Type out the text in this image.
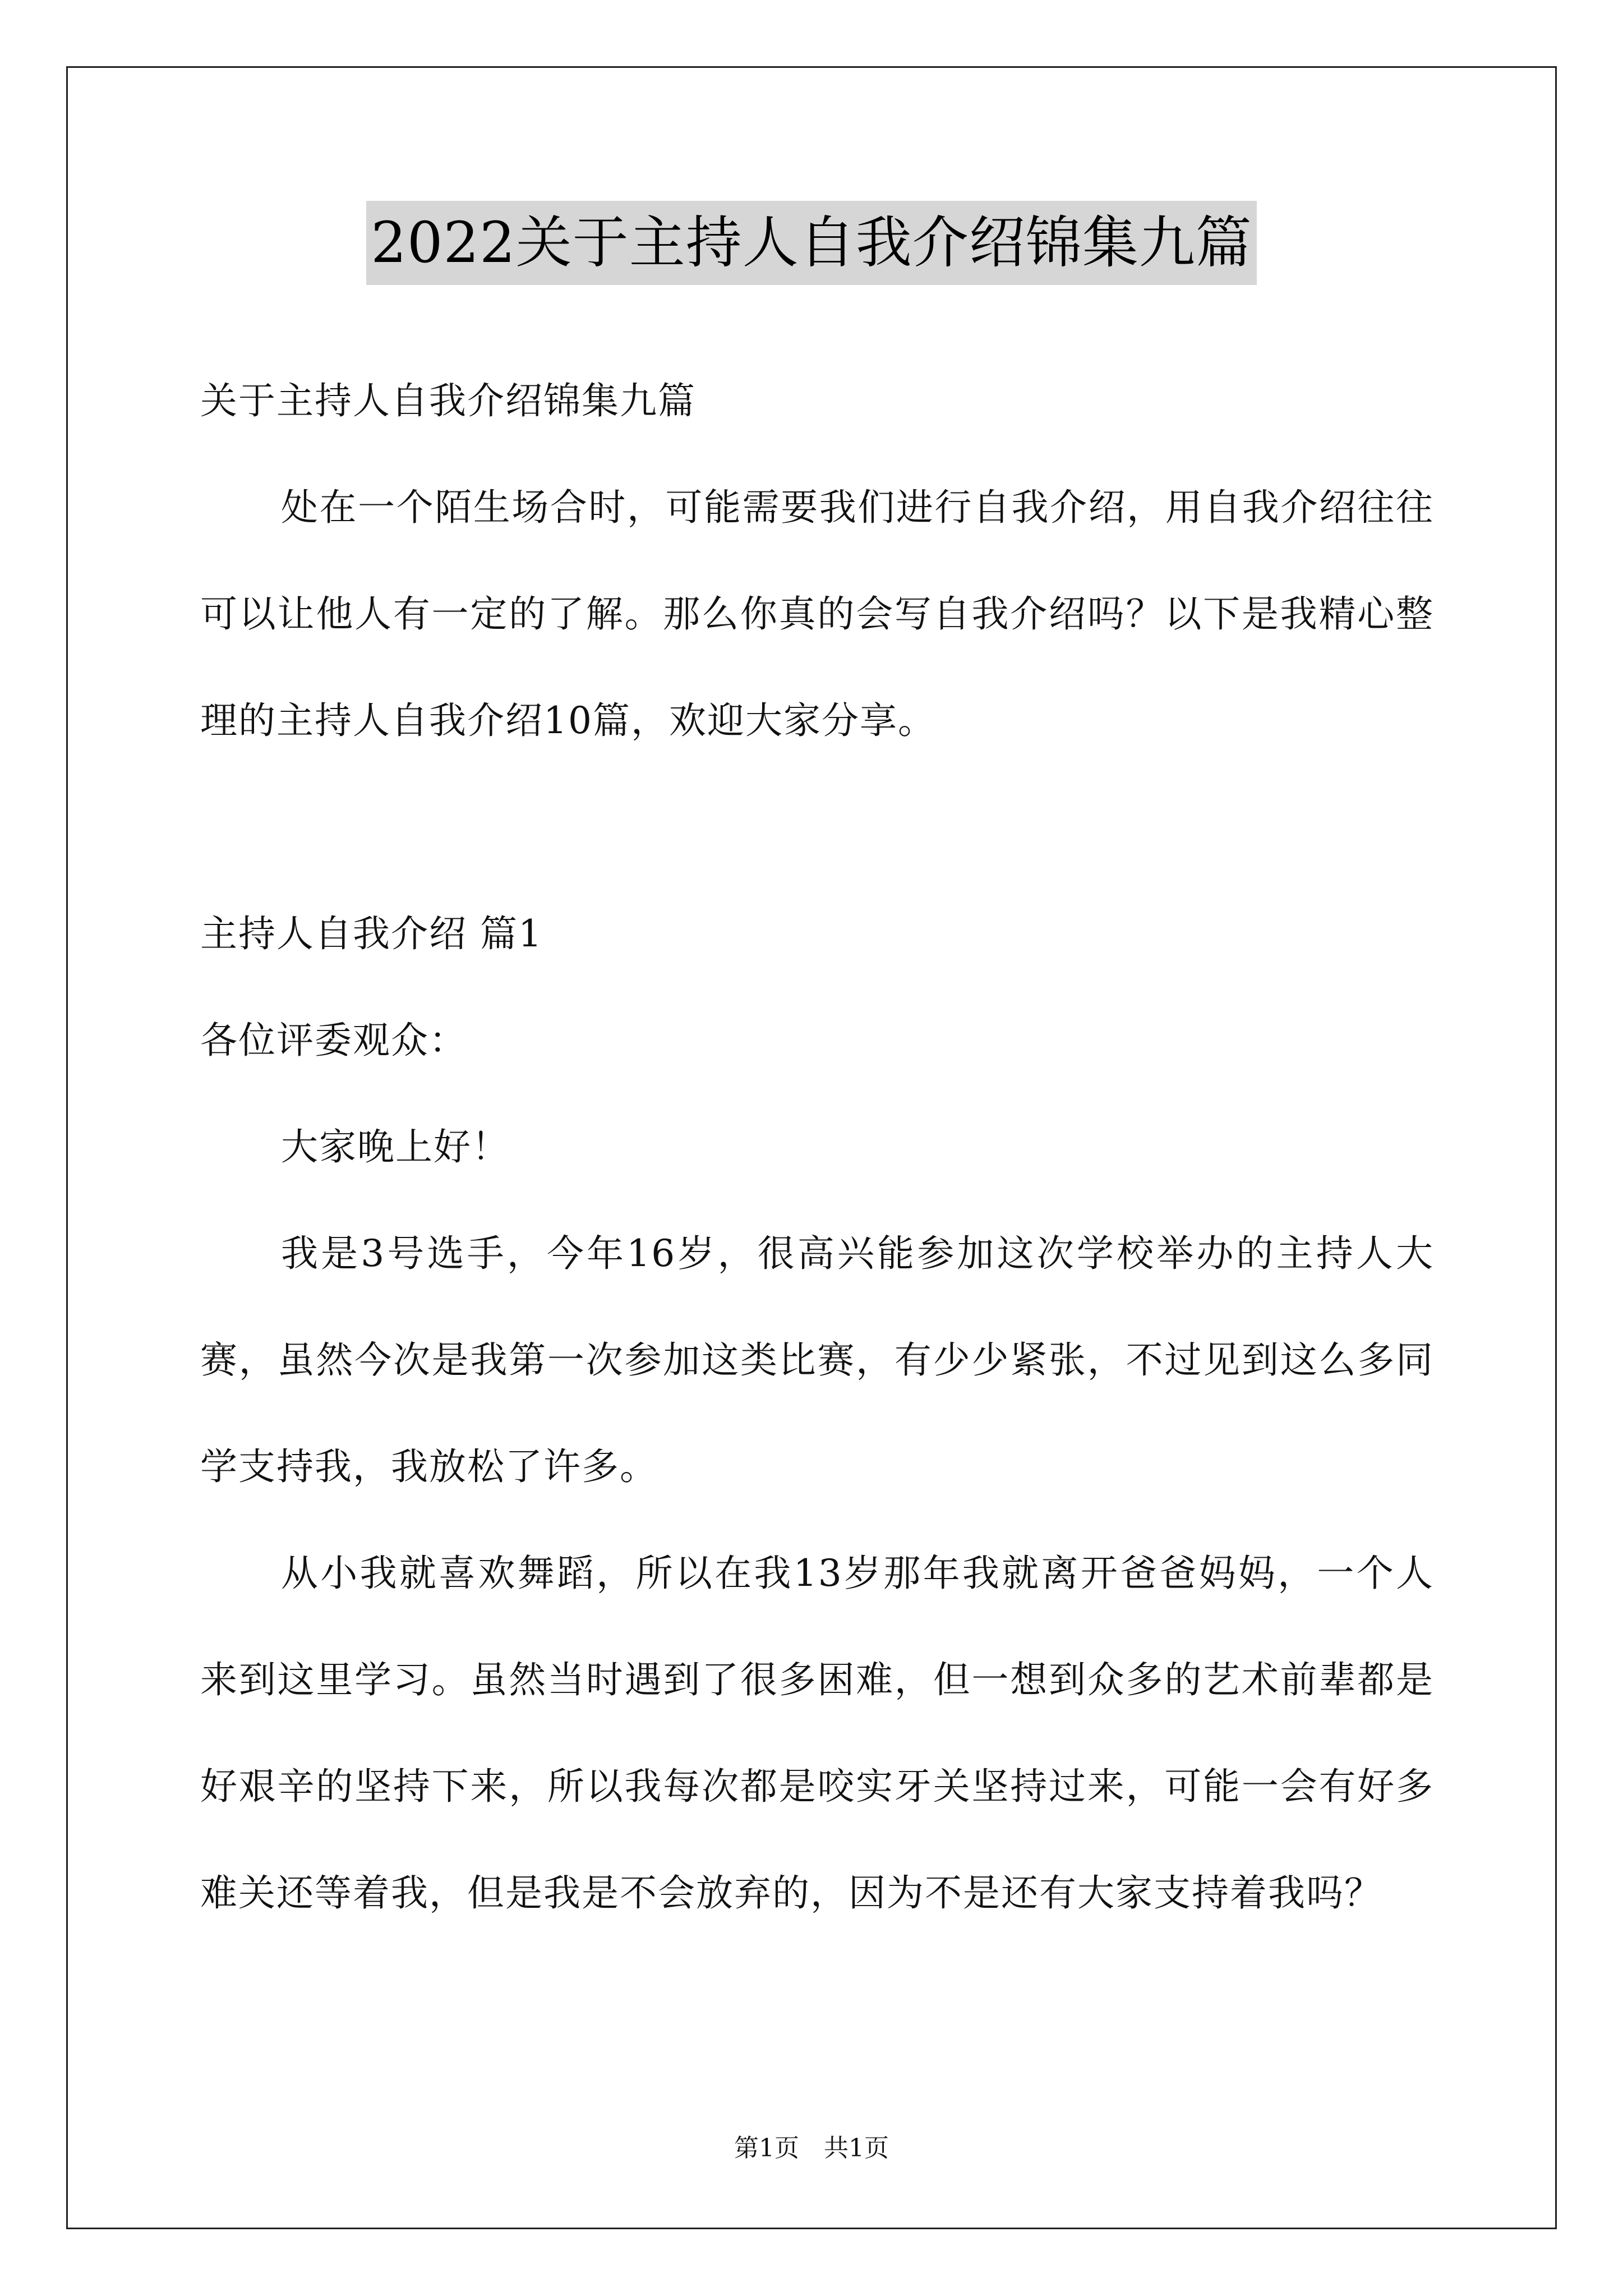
2022关于主持人自我介绍锦集九篇
关于主持人自我介绍锦集九篇
处在一个陌生场合时，可能需要我们进行自我介绍，用自我介绍往往可以让他人有一定的了解。那么你真的会写自我介绍吗？以下是我精心整理的主持人自我介绍10篇，欢迎大家分享。
主持人自我介绍 篇1
各位评委观众：
大家晚上好！
我是3号选手，今年16岁，很高兴能参加这次学校举办的主持人大赛，虽然今次是我第一次参加这类比赛，有少少紧张，不过见到这么多同学支持我，我放松了许多。
从小我就喜欢舞蹈，所以在我13岁那年我就离开爸爸妈妈，一个人来到这里学习。虽然当时遇到了很多困难，但一想到众多的艺术前辈都是好艰辛的坚持下来，所以我每次都是咬实牙关坚持过来，可能一会有好多难关还等着我，但是我是不会放弃的，因为不是还有大家支持着我吗？
第1页 共1页
